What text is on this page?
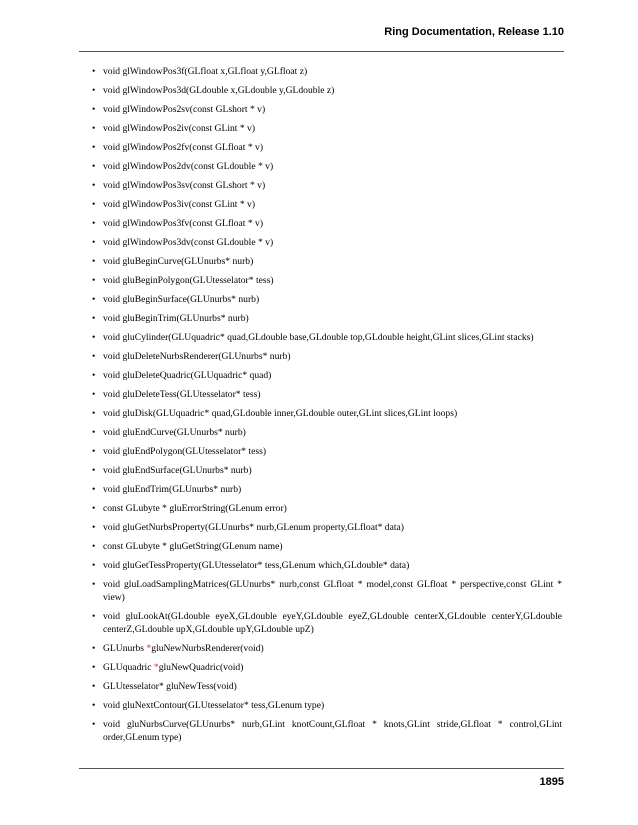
Ring Documentation, Release 1.10
• void glWindowPos3f(GLfloat x,GLfloat y,GLfloat z)
• void glWindowPos3d(GLdouble x,GLdouble y,GLdouble z)
• void glWindowPos2sv(const GLshort * v)
• void glWindowPos2iv(const GLint * v)
• void glWindowPos2fv(const GLfloat * v)
• void glWindowPos2dv(const GLdouble * v)
• void glWindowPos3sv(const GLshort * v)
• void glWindowPos3iv(const GLint * v)
• void glWindowPos3fv(const GLfloat * v)
• void glWindowPos3dv(const GLdouble * v)
• void gluBeginCurve(GLUnurbs* nurb)
• void gluBeginPolygon(GLUtesselator* tess)
• void gluBeginSurface(GLUnurbs* nurb)
• void gluBeginTrim(GLUnurbs* nurb)
• void gluCylinder(GLUquadric* quad,GLdouble base,GLdouble top,GLdouble height,GLint slices,GLint stacks)
• void gluDeleteNurbsRenderer(GLUnurbs* nurb)
• void gluDeleteQuadric(GLUquadric* quad)
• void gluDeleteTess(GLUtesselator* tess)
• void gluDisk(GLUquadric* quad,GLdouble inner,GLdouble outer,GLint slices,GLint loops)
• void gluEndCurve(GLUnurbs* nurb)
• void gluEndPolygon(GLUtesselator* tess)
• void gluEndSurface(GLUnurbs* nurb)
• void gluEndTrim(GLUnurbs* nurb)
• const GLubyte * gluErrorString(GLenum error)
• void gluGetNurbsProperty(GLUnurbs* nurb,GLenum property,GLfloat* data)
• const GLubyte * gluGetString(GLenum name)
• void gluGetTessProperty(GLUtesselator* tess,GLenum which,GLdouble* data)
• void gluLoadSamplingMatrices(GLUnurbs* nurb,const GLfloat * model,const GLfloat * perspective,const GLint * view)
• void gluLookAt(GLdouble eyeX,GLdouble eyeY,GLdouble eyeZ,GLdouble centerX,GLdouble centerY,GLdouble centerZ,GLdouble upX,GLdouble upY,GLdouble upZ)
• GLUnurbs *gluNewNurbsRenderer(void)
• GLUquadric *gluNewQuadric(void)
• GLUtesselator* gluNewTess(void)
• void gluNextContour(GLUtesselator* tess,GLenum type)
• void gluNurbsCurve(GLUnurbs* nurb,GLint knotCount,GLfloat * knots,GLint stride,GLfloat * control,GLint order,GLenum type)
1895
